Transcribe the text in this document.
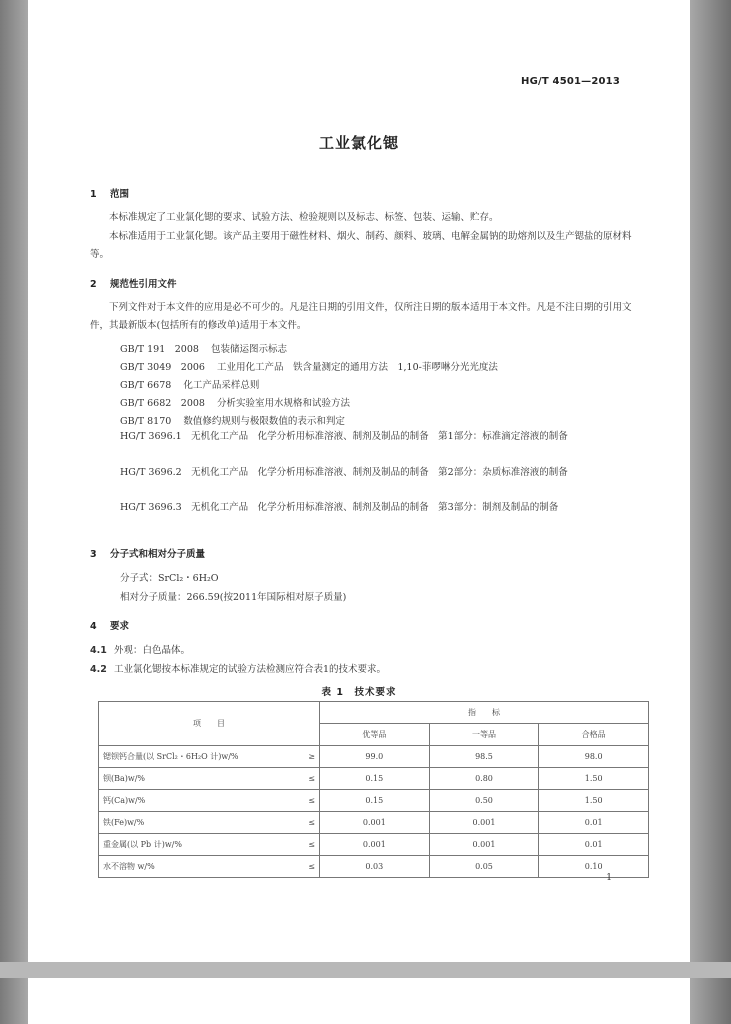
HG/T 4501—2013
工业氯化锶
1 范围
本标准规定了工业氯化锶的要求、试验方法、检验规则以及标志、标签、包装、运输、贮存。
本标准适用于工业氯化锶。该产品主要用于磁性材料、烟火、制药、颜料、玻璃、电解金属钠的助熔剂以及生产锶盐的原材料等。
2 规范性引用文件
下列文件对于本文件的应用是必不可少的。凡是注日期的引用文件，仅所注日期的版本适用于本文件。凡是不注日期的引用文件，其最新版本(包括所有的修改单)适用于本文件。
GB/T 191　2008 包装储运图示标志
GB/T 3049　2006 工业用化工产品　铁含量测定的通用方法　1,10-菲啰啉分光光度法
GB/T 6678 化工产品采样总则
GB/T 6682　2008 分析实验室用水规格和试验方法
GB/T 8170 数值修约规则与极限数值的表示和判定
HG/T 3696.1　无机化工产品　化学分析用标准溶液、制剂及制品的制备　第1部分：标准滴定溶液的制备
HG/T 3696.2　无机化工产品　化学分析用标准溶液、制剂及制品的制备　第2部分：杂质标准溶液的制备
HG/T 3696.3　无机化工产品　化学分析用标准溶液、制剂及制品的制备　第3部分：制剂及制品的制备
3 分子式和相对分子质量
分子式：SrCl₂・6H₂O
相对分子质量：266.59(按2011年国际相对原子质量)
4 要求
4.1 外观：白色晶体。
4.2 工业氯化锶按本标准规定的试验方法检测应符合表1的技术要求。
表 1　技术要求
项　　目		指　　标		
		优等品	一等品	合格品
锶钡钙合量(以 SrCl₂・6H₂O 计)w/%	≥	99.0	98.5	98.0
钡(Ba)w/%	≤	0.15	0.80	1.50
钙(Ca)w/%	≤	0.15	0.50	1.50
铁(Fe)w/%	≤	0.001	0.001	0.01
重金属(以 Pb 计)w/%	≤	0.001	0.001	0.01
水不溶物 w/%	≤	0.03	0.05	0.10
1
